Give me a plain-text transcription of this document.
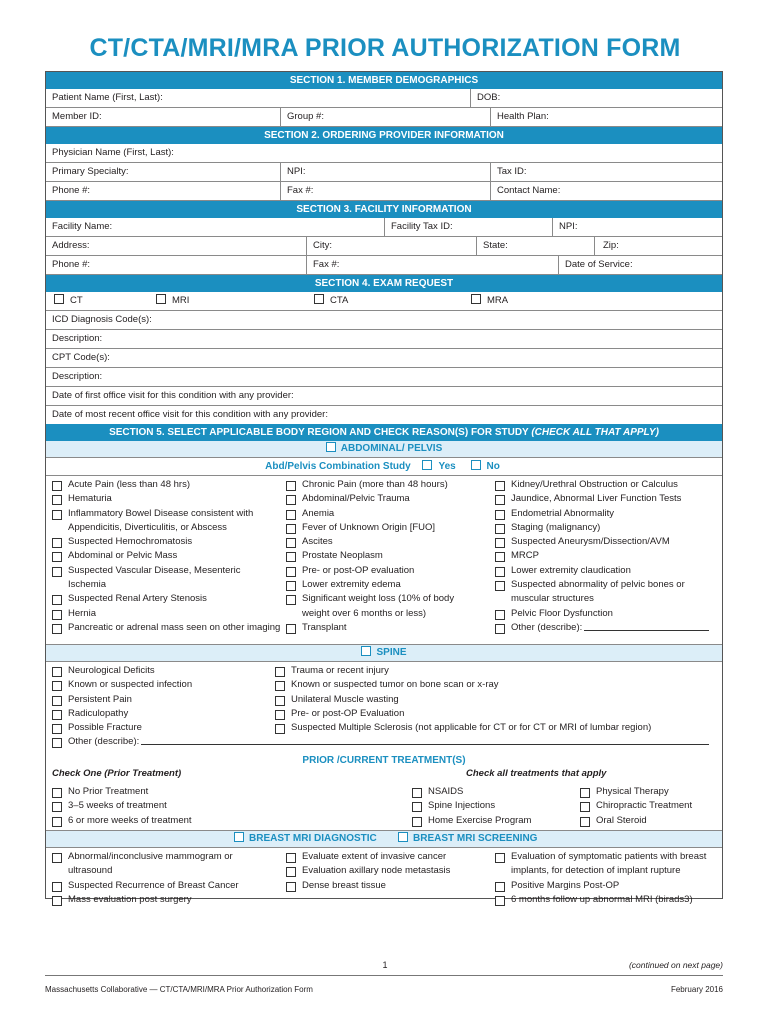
CT/CTA/MRI/MRA PRIOR AUTHORIZATION FORM
SECTION 1. MEMBER DEMOGRAPHICS
Patient Name (First, Last):	DOB:
Member ID:	Group #:	Health Plan:
SECTION 2. ORDERING PROVIDER INFORMATION
Physician Name (First, Last):
Primary Specialty:	NPI:	Tax ID:
Phone #:	Fax #:	Contact Name:
SECTION 3. FACILITY INFORMATION
Facility Name:	Facility Tax ID:	NPI:
Address:	City:	State:	Zip:
Phone #:	Fax #:	Date of Service:
SECTION 4. EXAM REQUEST
CT	MRI	CTA	MRA
ICD Diagnosis Code(s):
Description:
CPT Code(s):
Description:
Date of first office visit for this condition with any provider:
Date of most recent office visit for this condition with any provider:
SECTION 5. SELECT APPLICABLE BODY REGION AND CHECK REASON(S) FOR STUDY (CHECK ALL THAT APPLY)
ABDOMINAL/ PELVIS
Abd/Pelvis Combination Study	Yes	No
Acute Pain (less than 48 hrs)
Hematuria
Inflammatory Bowel Disease consistent with
Appendicitis, Diverticulitis, or Abscess
Suspected Hemochromatosis
Abdominal or Pelvic Mass
Suspected Vascular Disease, Mesenteric
Ischemia
Suspected Renal Artery Stenosis
Hernia
Pancreatic or adrenal mass seen on other imaging
Chronic Pain (more than 48 hours)
Abdominal/Pelvic Trauma
Anemia
Fever of Unknown Origin [FUO]
Ascites
Prostate Neoplasm
Pre- or post-OP evaluation
Lower extremity edema
Significant weight loss (10% of body
weight over 6 months or less)
Transplant
Kidney/Urethral Obstruction or Calculus
Jaundice, Abnormal Liver Function Tests
Endometrial Abnormality
Staging (malignancy)
Suspected Aneurysm/Dissection/AVM
MRCP
Lower extremity claudication
Suspected abnormality of pelvic bones or
muscular structures
Pelvic Floor Dysfunction
Other (describe):
SPINE
Neurological Deficits
Known or suspected infection
Persistent Pain
Radiculopathy
Possible Fracture
Other (describe):
Trauma or recent injury
Known or suspected tumor on bone scan or x-ray
Unilateral Muscle wasting
Pre- or post-OP Evaluation
Suspected Multiple Sclerosis (not applicable for CT or for CT or MRI of lumbar region)
PRIOR /CURRENT TREATMENT(S)
Check One (Prior Treatment)	Check all treatments that apply
No Prior Treatment
3–5 weeks of treatment
6 or more weeks of treatment
NSAIDS
Spine Injections
Home Exercise Program
Physical Therapy
Chiropractic Treatment
Oral Steroid
BREAST MRI DIAGNOSTIC	BREAST MRI SCREENING
Abnormal/inconclusive mammogram or
ultrasound
Suspected Recurrence of Breast Cancer
Mass evaluation post surgery
Evaluate extent of invasive cancer
Evaluation axillary node metastasis
Dense breast tissue
Evaluation of symptomatic patients with breast
implants, for detection of implant rupture
Positive Margins Post-OP
6 months follow up abnormal MRI (birads3)
1	(continued on next page)
Massachusetts Collaborative — CT/CTA/MRI/MRA Prior Authorization Form	February 2016
